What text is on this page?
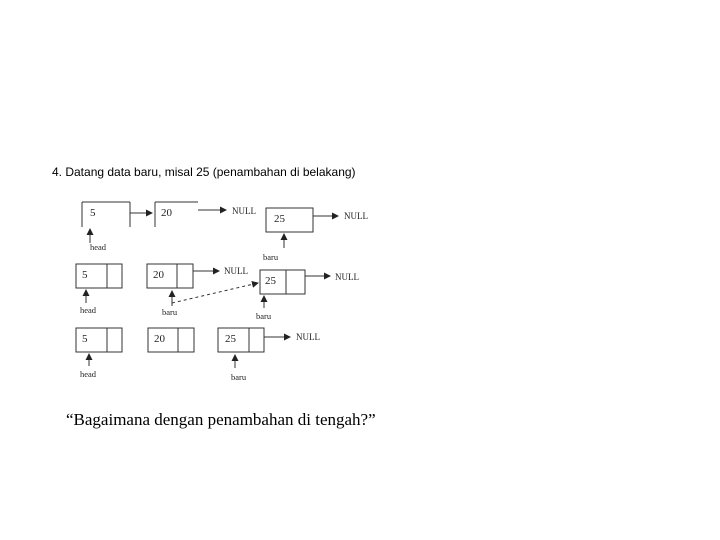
4. Datang data baru, misal 25 (penambahan di belakang)
5	20	NULL
head
25	NULL
baru
5	20	NULL
head	baru
25	NULL
baru
5	20	25	NULL
head	baru
“Bagaimana dengan penambahan di tengah?”
